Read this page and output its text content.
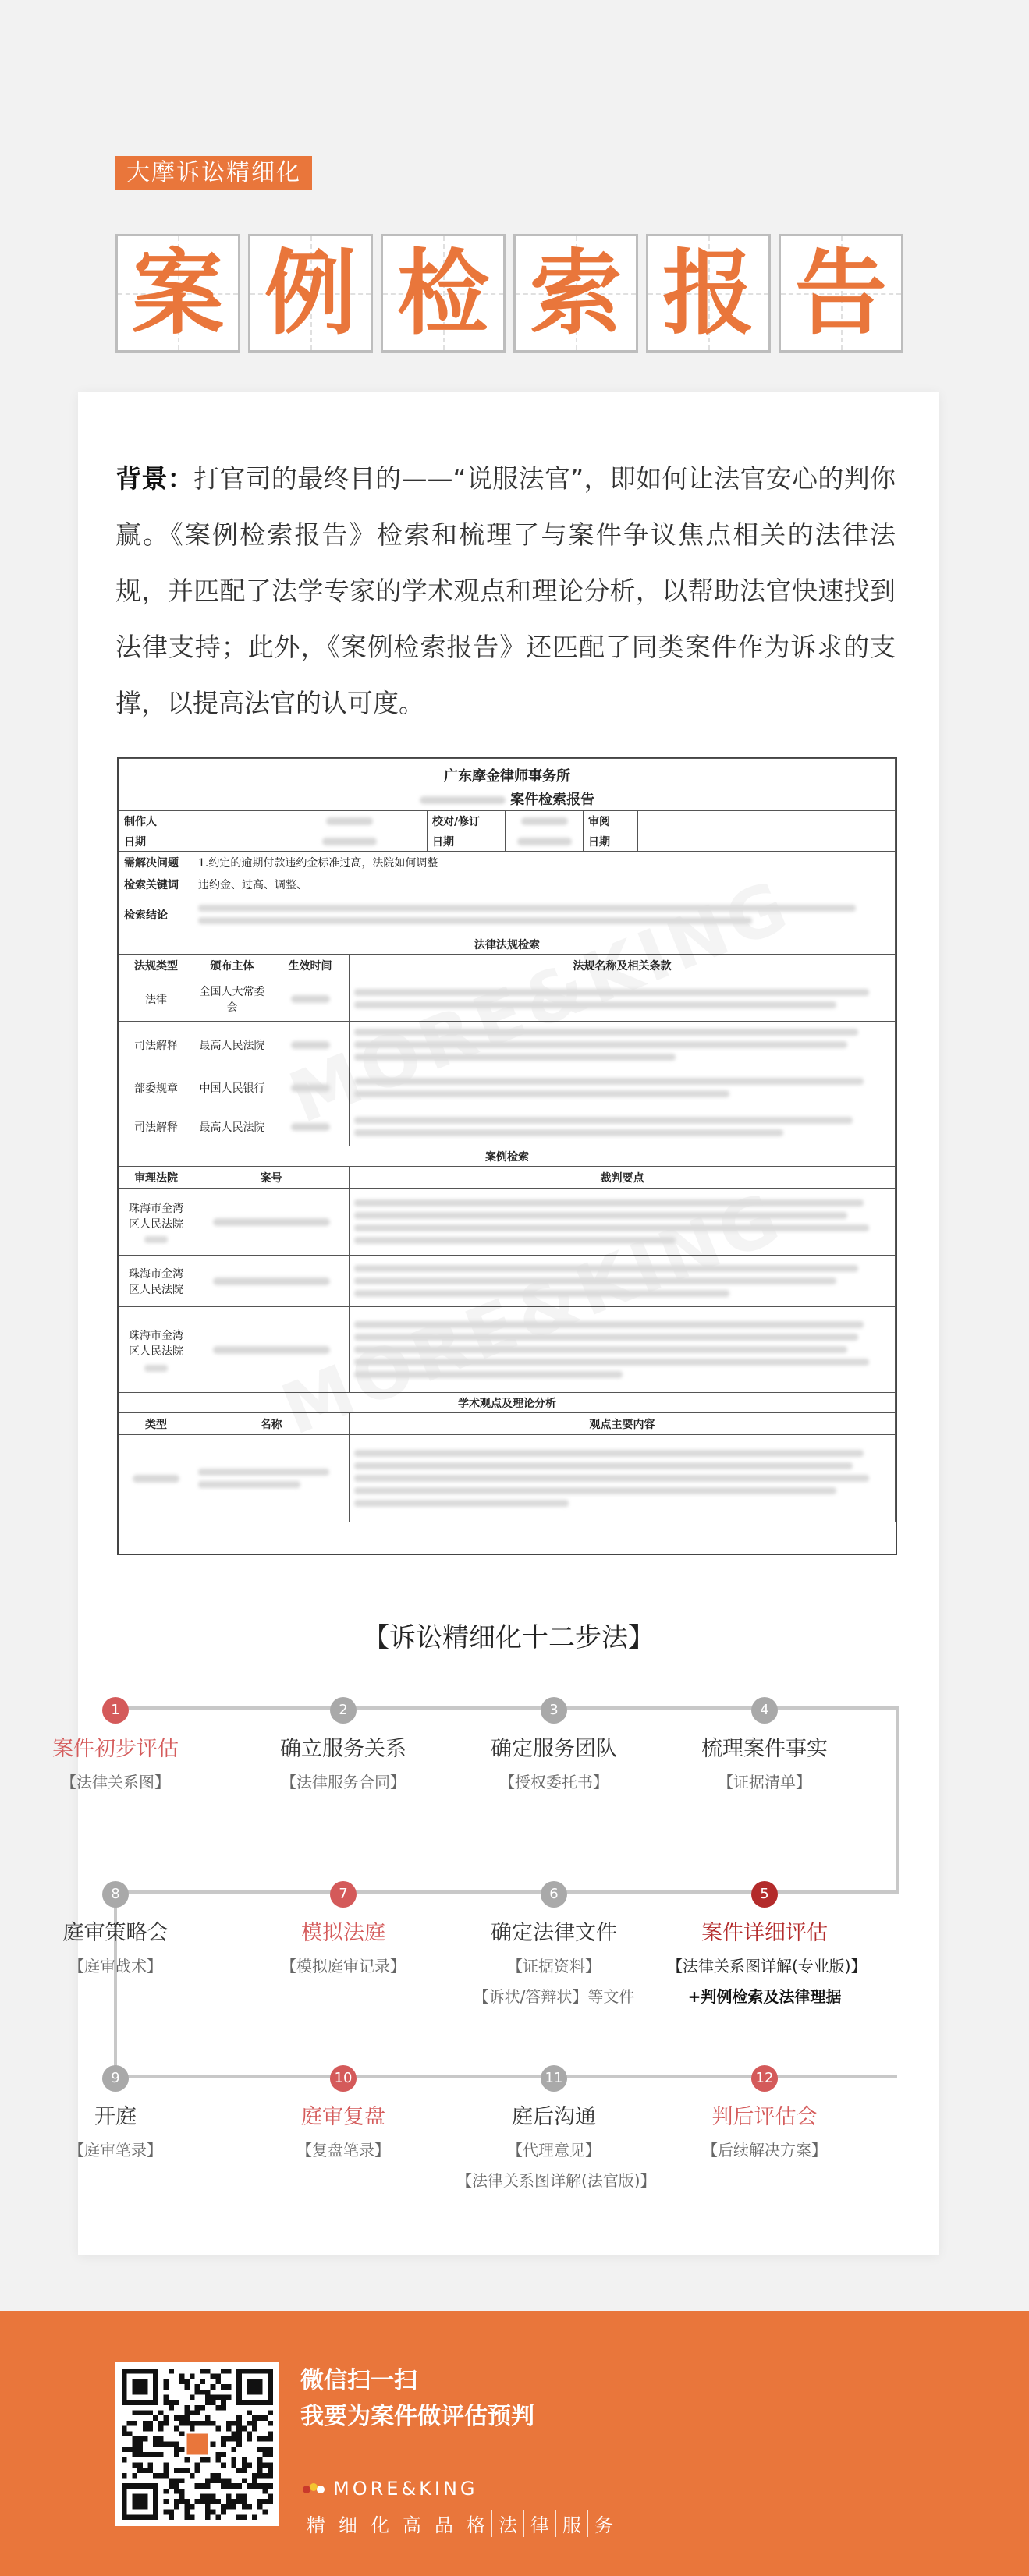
大摩诉讼精细化
案 例 检 索 报 告

背景：打官司的最终目的——“说服法官”，即如何让法官安心的判你赢。《案例检索报告》检索和梳理了与案件争议焦点相关的法律法规，并匹配了法学专家的学术观点和理论分析，以帮助法官快速找到法律支持；此外，《案例检索报告》还匹配了同类案件作为诉求的支撑，以提高法官的认可度。

广东摩金律师事务所							
案件检索报告							
制作人				校对/修订		审阅	
日期				日期		日期	
需解决问题	1.约定的逾期付款违约金标准过高，法院如何调整						
检索关键词	违约金、过高、调整、						
检索结论							

法律法规检索							
法规类型	颁布主体	生效时间	法规名称及相关条款				
法律	全国人大常委会						

司法解释	最高人民法院						

部委规章	中国人民银行						

司法解释	最高人民法院						

案例检索							
审理法院	案号		裁判要点				
珠海市金湾区人民法院					

珠海市金湾区人民法院							

珠海市金湾区人民法院					

学术观点及理论分析							
类型	名称		观点主要内容				

【诉讼精细化十二步法】
1
案件初步评估
【法律关系图】
2
确立服务关系
【法律服务合同】
3
确定服务团队
【授权委托书】
4
梳理案件事实
【证据清单】
5
案件详细评估
【法律关系图详解(专业版)】
+判例检索及法律理据
6
确定法律文件
【证据资料】
【诉状/答辩状】等文件
7
模拟法庭
【模拟庭审记录】
8
庭审策略会
【庭审战术】
9
开庭
【庭审笔录】
10
庭审复盘
【复盘笔录】
11
庭后沟通
【代理意见】
【法律关系图详解(法官版)】
12
判后评估会
【后续解决方案】
微信扫一扫
我要为案件做评估预判
MORE&KING
精 细 化 高 品 格 法 律 服 务
